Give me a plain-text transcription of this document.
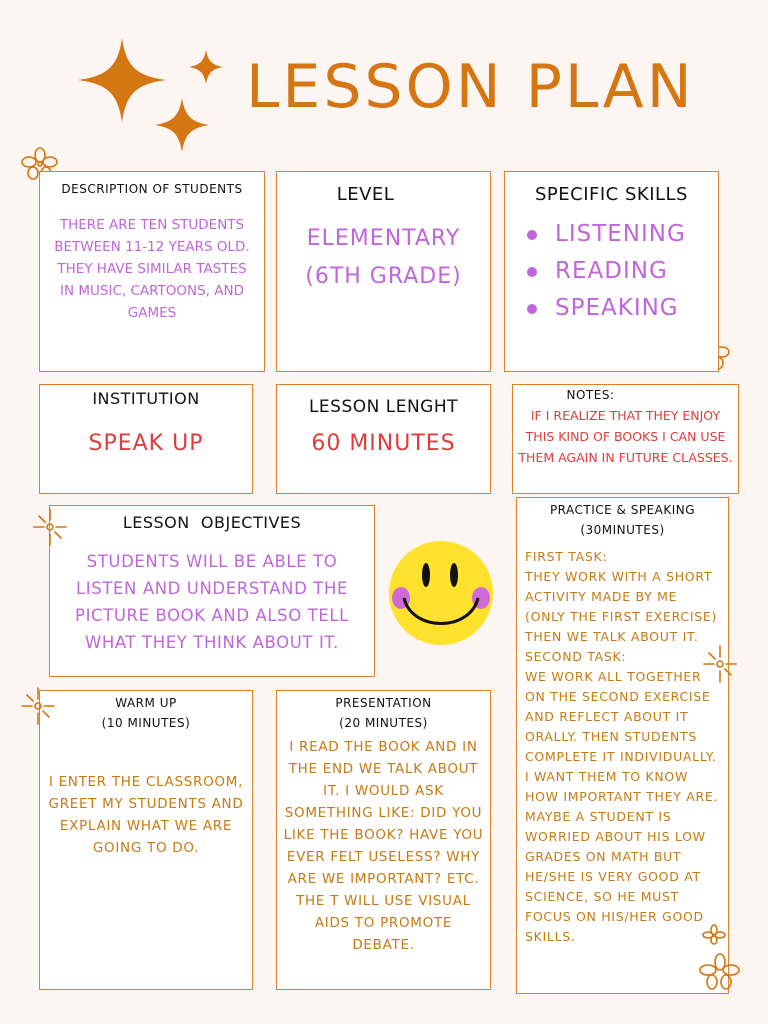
LESSON PLAN
DESCRIPTION OF STUDENTS
THERE ARE TEN STUDENTS BETWEEN 11-12 YEARS OLD. THEY HAVE SIMILAR TASTES IN MUSIC, CARTOONS, AND GAMES
LEVEL
ELEMENTARY
(6TH GRADE)
SPECIFIC SKILLS
LISTENING
READING
SPEAKING
INSTITUTION
SPEAK UP
LESSON LENGHT
60 MINUTES
NOTES:
IF I REALIZE THAT THEY ENJOY THIS KIND OF BOOKS I CAN USE THEM AGAIN IN FUTURE CLASSES.
LESSON  OBJECTIVES
STUDENTS WILL BE ABLE TO LISTEN AND UNDERSTAND THE PICTURE BOOK AND ALSO TELL WHAT THEY THINK ABOUT IT.
PRACTICE & SPEAKING
(30MINUTES)
FIRST TASK:
THEY WORK WITH A SHORT ACTIVITY MADE BY ME (ONLY THE FIRST EXERCISE) THEN WE TALK ABOUT IT.
SECOND TASK:
WE WORK ALL TOGETHER ON THE SECOND EXERCISE AND REFLECT ABOUT IT ORALLY. THEN STUDENTS COMPLETE IT INDIVIDUALLY. I WANT THEM TO KNOW HOW IMPORTANT THEY ARE. MAYBE A STUDENT IS WORRIED ABOUT HIS LOW GRADES ON MATH BUT HE/SHE IS VERY GOOD AT SCIENCE, SO HE MUST FOCUS ON HIS/HER GOOD SKILLS.
WARM UP
(10 MINUTES)
I ENTER THE CLASSROOM, GREET MY STUDENTS AND EXPLAIN WHAT WE ARE GOING TO DO.
PRESENTATION
(20 MINUTES)
I READ THE BOOK AND IN THE END WE TALK ABOUT IT. I WOULD ASK SOMETHING LIKE: DID YOU LIKE THE BOOK? HAVE YOU EVER FELT USELESS? WHY ARE WE IMPORTANT? ETC. THE T WILL USE VISUAL AIDS TO PROMOTE DEBATE.
